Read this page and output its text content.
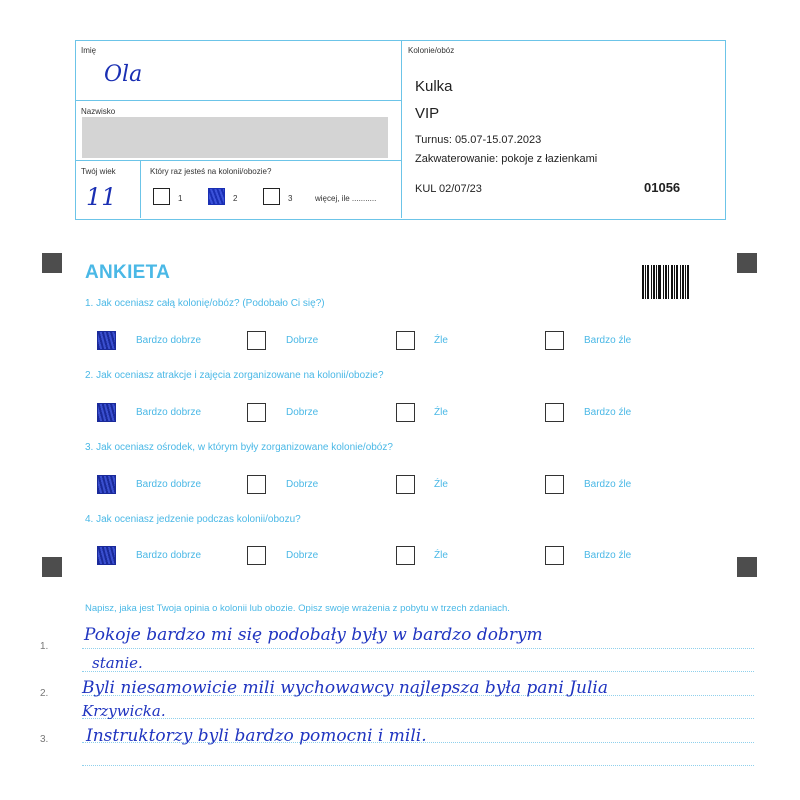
Imię
Ola
Nazwisko
Twój wiek
11
Który raz jesteś na kolonii/obozie?
1	2	3	więcej, ile ...........
Kolonie/obóz
Kulka
VIP
Turnus: 05.07-15.07.2023
Zakwaterowanie: pokoje z łazienkami
KUL 02/07/23	01056
ANKIETA
1. Jak oceniasz całą kolonię/obóz? (Podobało Ci się?)
2. Jak oceniasz atrakcje i zajęcia zorganizowane na kolonii/obozie?
3. Jak oceniasz ośrodek, w którym były zorganizowane kolonie/obóz?
4. Jak oceniasz jedzenie podczas kolonii/obozu?
Bardzo dobrze	Dobrze	Źle	Bardzo źle
Bardzo dobrze	Dobrze	Źle	Bardzo źle
Bardzo dobrze	Dobrze	Źle	Bardzo źle
Bardzo dobrze	Dobrze	Źle	Bardzo źle
Napisz, jaka jest Twoja opinia o kolonii lub obozie. Opisz swoje wrażenia z pobytu w trzech zdaniach.
1.
2.
3.
Pokoje bardzo mi się podobały były w bardzo dobrym
stanie.
Byli niesamowicie mili wychowawcy najlepsza była pani Julia
Krzywicka.
Instruktorzy byli bardzo pomocni i mili.
